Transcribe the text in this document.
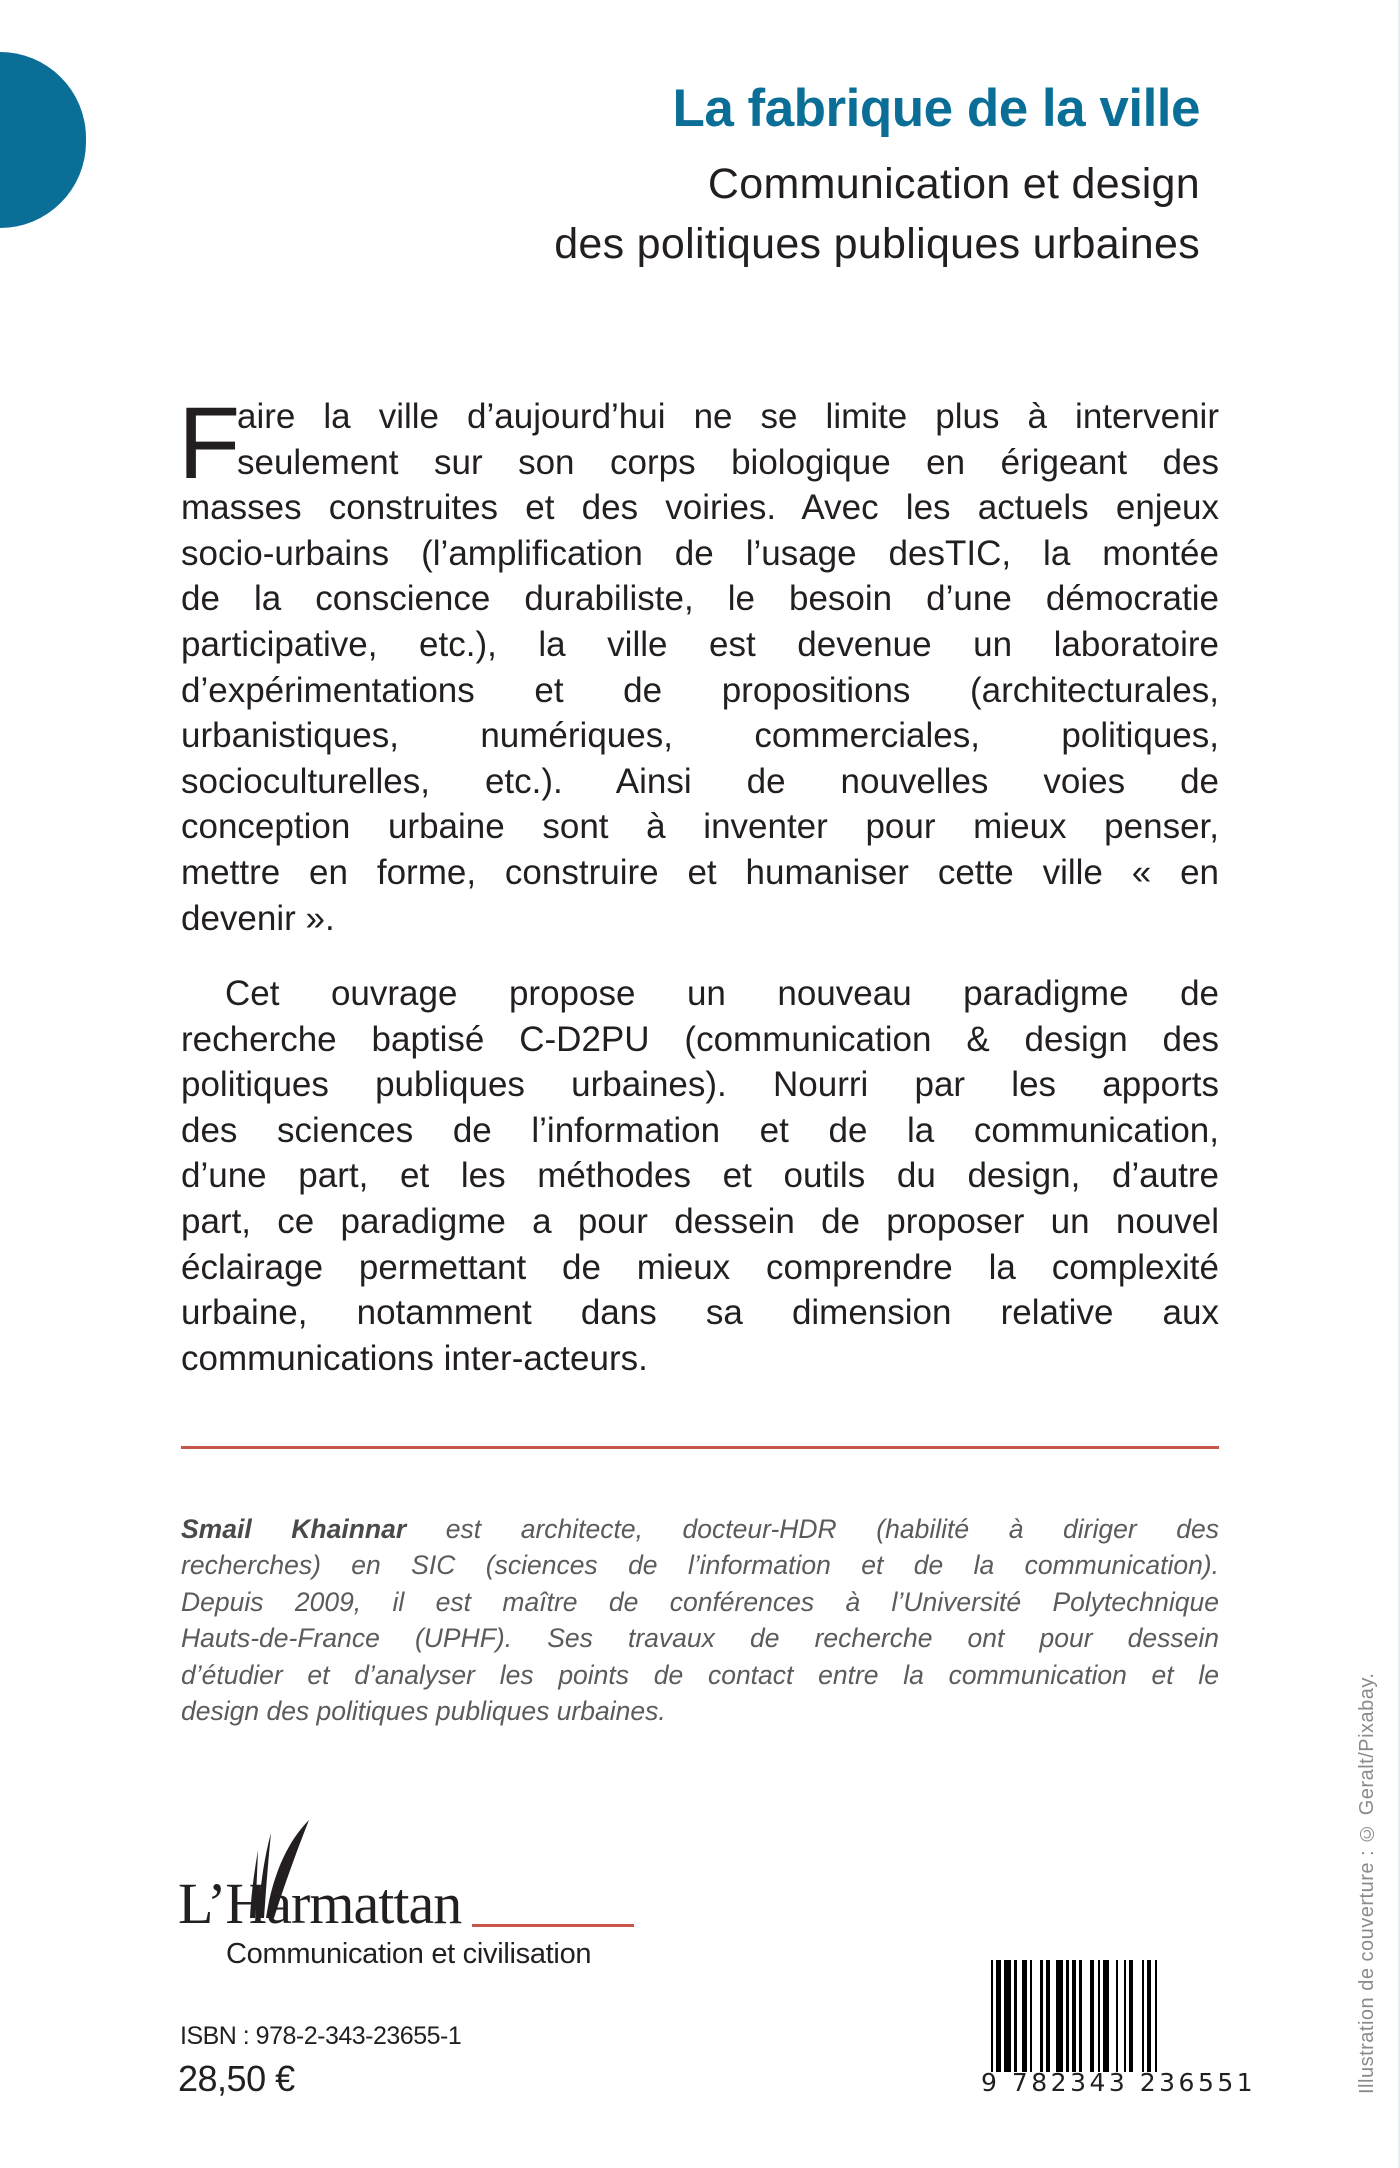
La fabrique de la ville
Communication et design
des politiques publiques urbaines
F
aire la ville d’aujourd’hui ne se limite plus à intervenir
seulement sur son corps biologique en érigeant des
masses construites et des voiries. Avec les actuels enjeux
socio-urbains (l’amplification de l’usage desTIC, la montée
de la conscience durabiliste, le besoin d’une démocratie
participative, etc.), la ville est devenue un laboratoire
d’expérimentations et de propositions (architecturales,
urbanistiques, numériques, commerciales, politiques,
socioculturelles, etc.). Ainsi de nouvelles voies de
conception urbaine sont à inventer pour mieux penser,
mettre en forme, construire et humaniser cette ville « en
devenir ».
Cet ouvrage propose un nouveau paradigme de
recherche baptisé C-D2PU (communication & design des
politiques publiques urbaines). Nourri par les apports
des sciences de l’information et de la communication,
d’une part, et les méthodes et outils du design, d’autre
part, ce paradigme a pour dessein de proposer un nouvel
éclairage permettant de mieux comprendre la complexité
urbaine, notamment dans sa dimension relative aux
communications inter-acteurs.
Smail Khainnar est architecte, docteur-HDR (habilité à diriger des
recherches) en SIC (sciences de l’information et de la communication).
Depuis 2009, il est maître de conférences à l’Université Polytechnique
Hauts-de-France (UPHF). Ses travaux de recherche ont pour dessein
d’étudier et d’analyser les points de contact entre la communication et le
design des politiques publiques urbaines.
L’Harmattan
Communication et civilisation
ISBN : 978-2-343-23655-1
28,50 €	9 782343 236551	Illustration de couverture : © Geralt/Pixabay.
